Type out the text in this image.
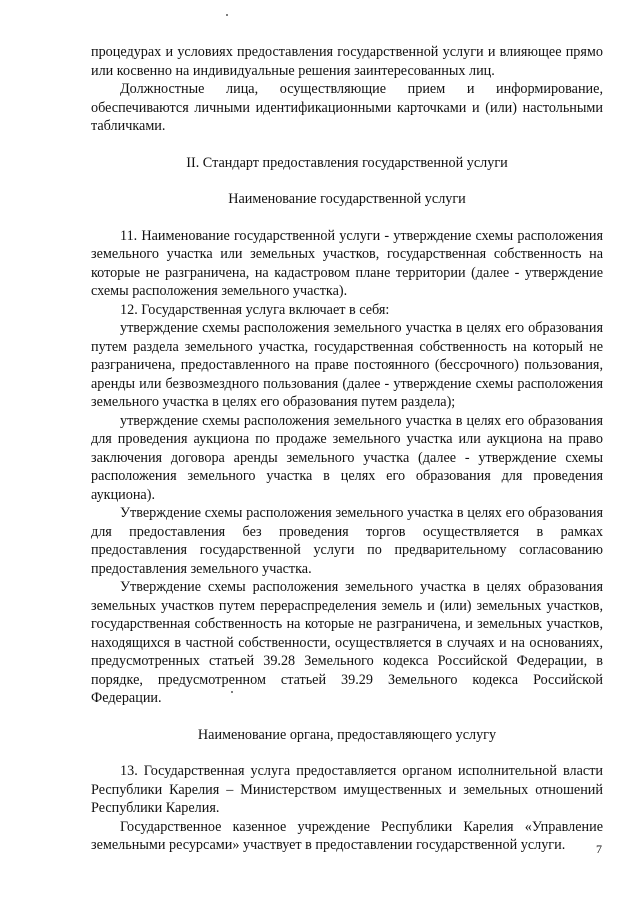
процедурах и условиях предоставления государственной услуги и влияющее прямо или косвенно на индивидуальные решения заинтересованных лиц.

Должностные лица, осуществляющие прием и информирование, обеспечиваются личными идентификационными карточками и (или) настольными табличками.

II. Стандарт предоставления государственной услуги
Наименование государственной услуги

11. Наименование государственной услуги - утверждение схемы расположения земельного участка или земельных участков, государственная собственность на которые не разграничена, на кадастровом плане территории (далее - утверждение схемы расположения земельного участка).

12. Государственная услуга включает в себя:

утверждение схемы расположения земельного участка в целях его образования путем раздела земельного участка, государственная собственность на который не разграничена, предоставленного на праве постоянного (бессрочного) пользования, аренды или безвозмездного пользования (далее - утверждение схемы расположения земельного участка в целях его образования путем раздела);

утверждение схемы расположения земельного участка в целях его образования для проведения аукциона по продаже земельного участка или аукциона на право заключения договора аренды земельного участка (далее - утверждение схемы расположения земельного участка в целях его образования для проведения аукциона).

Утверждение схемы расположения земельного участка в целях его образования для предоставления без проведения торгов осуществляется в рамках предоставления государственной услуги по предварительному согласованию предоставления земельного участка.

Утверждение схемы расположения земельного участка в целях образования земельных участков путем перераспределения земель и (или) земельных участков, государственная собственность на которые не разграничена, и земельных участков, находящихся в частной собственности, осуществляется в случаях и на основаниях, предусмотренных статьей 39.28 Земельного кодекса Российской Федерации, в порядке, предусмотренном статьей 39.29 Земельного кодекса Российской Федерации.

Наименование органа, предоставляющего услугу

13. Государственная услуга предоставляется органом исполнительной власти Республики Карелия – Министерством имущественных и земельных отношений Республики Карелия.

Государственное казенное учреждение Республики Карелия «Управление земельными ресурсами» участвует в предоставлении государственной услуги.	7
